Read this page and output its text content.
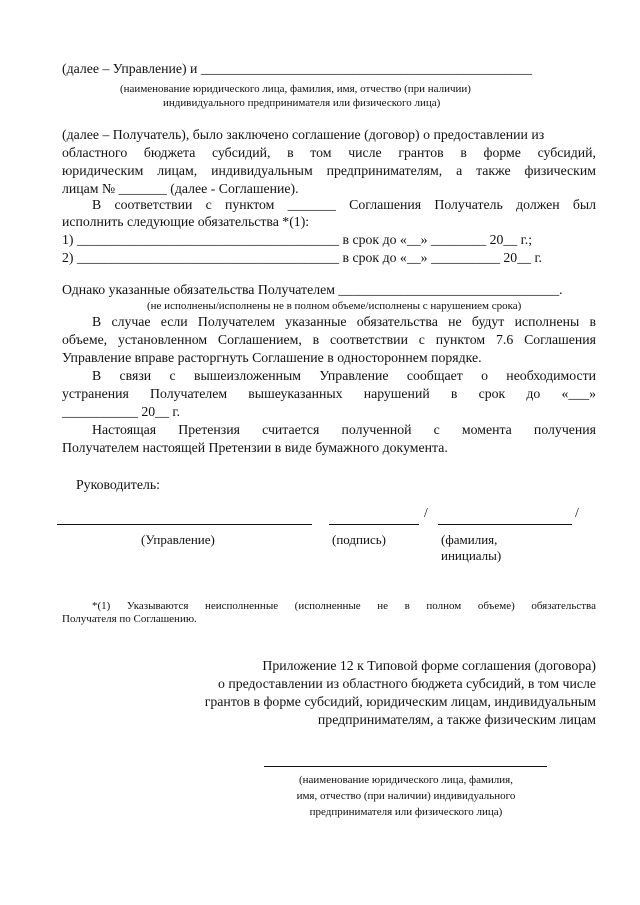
(далее – Управление) и ________________________________________________
(наименование юридического лица, фамилия, имя, отчество (при наличии)
индивидуального предпринимателя или физического лица)
(далее – Получатель), было заключено соглашение (договор) о предоставлении из
областного бюджета субсидий, в том числе грантов в форме субсидий,
юридическим лицам, индивидуальным предпринимателям, а также физическим
лицам № _______ (далее - Соглашение).
В соответствии с пунктом _______ Соглашения Получатель должен был
исполнить следующие обязательства *(1):
1) ______________________________________ в срок до «__» ________ 20__ г.;
2) ______________________________________ в срок до «__» __________ 20__ г.
Однако указанные обязательства Получателем ________________________________.
(не исполнены/исполнены не в полном объеме/исполнены с нарушением срока)
В случае если Получателем указанные обязательства не будут исполнены в
объеме, установленном Соглашением, в соответствии с пунктом 7.6 Соглашения
Управление вправе расторгнуть Соглашение в одностороннем порядке.
В связи с вышеизложенным Управление сообщает о необходимости
устранения Получателем вышеуказанных нарушений в срок до «___»
___________ 20__ г.
Настоящая Претензия считается полученной с момента получения
Получателем настоящей Претензии в виде бумажного документа.
Руководитель:
/	/
(Управление)	(подпись)	(фамилия,
инициалы)
*(1) Указываются неисполненные (исполненные не в полном объеме) обязательства
Получателя по Соглашению.
Приложение 12 к Типовой форме соглашения (договора)
о предоставлении из областного бюджета субсидий, в том числе
грантов в форме субсидий, юридическим лицам, индивидуальным
предпринимателям, а также физическим лицам
(наименование юридического лица, фамилия,
имя, отчество (при наличии) индивидуального
предпринимателя или физического лица)
